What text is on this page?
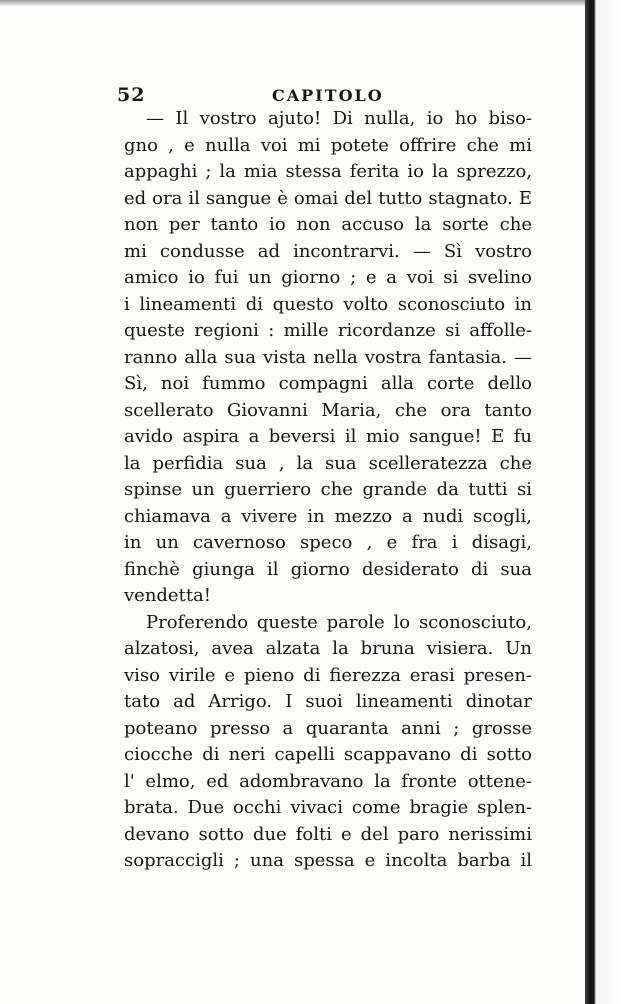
52	CAPITOLO
— Il vostro ajuto! Di nulla, io ho biso-
gno , e nulla voi mi potete offrire che mi
appaghi ; la mia stessa ferita io la sprezzo,
ed ora il sangue è omai del tutto stagnato. E
non per tanto io non accuso la sorte che
mi condusse ad incontrarvi. — Sì vostro
amico io fui un giorno ; e a voi si svelino
i lineamenti di questo volto sconosciuto in
queste regioni : mille ricordanze si affolle-
ranno alla sua vista nella vostra fantasia. —
Sì, noi fummo compagni alla corte dello
scellerato Giovanni Maria, che ora tanto
avido aspira a beversi il mio sangue! E fu
la perfidia sua , la sua scelleratezza che
spinse un guerriero che grande da tutti si
chiamava a vivere in mezzo a nudi scogli,
in un cavernoso speco , e fra i disagi,
finchè giunga il giorno desiderato di sua
vendetta!
Proferendo queste parole lo sconosciuto,
alzatosi, avea alzata la bruna visiera. Un
viso virile e pieno di fierezza erasi presen-
tato ad Arrigo. I suoi lineamenti dinotar
poteano presso a quaranta anni ; grosse
ciocche di neri capelli scappavano di sotto
l' elmo, ed adombravano la fronte ottene-
brata. Due occhi vivaci come bragie splen-
devano sotto due folti e del paro nerissimi
sopraccigli ; una spessa e incolta barba il
